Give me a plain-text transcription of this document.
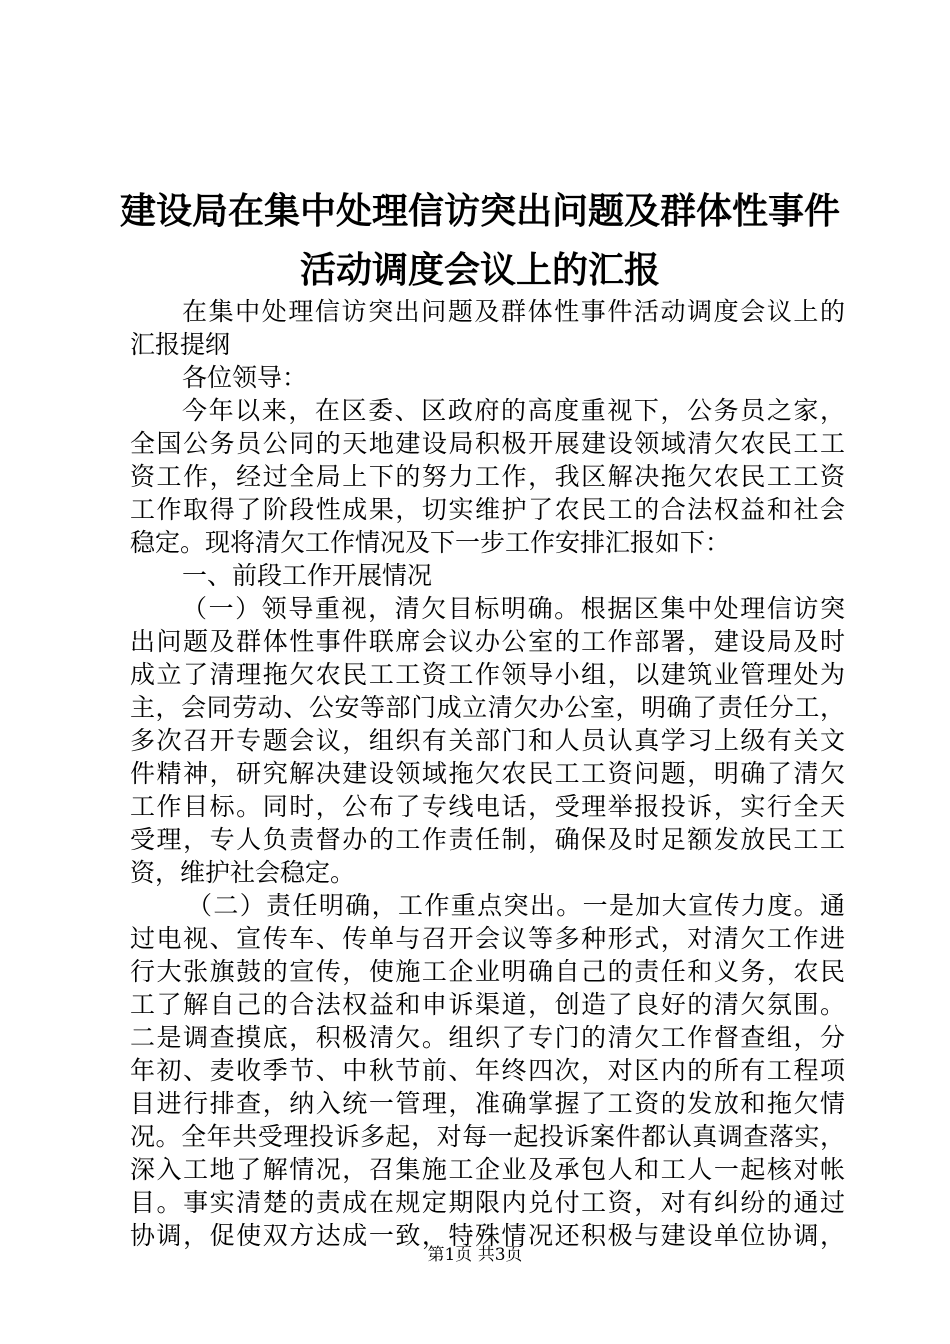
建设局在集中处理信访突出问题及群体性事件
活动调度会议上的汇报
在集中处理信访突出问题及群体性事件活动调度会议上的
汇报提纲
各位领导：
今年以来，在区委、区政府的高度重视下，公务员之家，
全国公务员公同的天地建设局积极开展建设领域清欠农民工工
资工作，经过全局上下的努力工作，我区解决拖欠农民工工资
工作取得了阶段性成果，切实维护了农民工的合法权益和社会
稳定。现将清欠工作情况及下一步工作安排汇报如下：
一、前段工作开展情况
（一）领导重视，清欠目标明确。根据区集中处理信访突
出问题及群体性事件联席会议办公室的工作部署，建设局及时
成立了清理拖欠农民工工资工作领导小组，以建筑业管理处为
主，会同劳动、公安等部门成立清欠办公室，明确了责任分工，
多次召开专题会议，组织有关部门和人员认真学习上级有关文
件精神，研究解决建设领域拖欠农民工工资问题，明确了清欠
工作目标。同时，公布了专线电话，受理举报投诉，实行全天
受理，专人负责督办的工作责任制，确保及时足额发放民工工
资，维护社会稳定。
（二）责任明确，工作重点突出。一是加大宣传力度。通
过电视、宣传车、传单与召开会议等多种形式，对清欠工作进
行大张旗鼓的宣传，使施工企业明确自己的责任和义务，农民
工了解自己的合法权益和申诉渠道，创造了良好的清欠氛围。
二是调查摸底，积极清欠。组织了专门的清欠工作督查组，分
年初、麦收季节、中秋节前、年终四次，对区内的所有工程项
目进行排查，纳入统一管理，准确掌握了工资的发放和拖欠情
况。全年共受理投诉多起，对每一起投诉案件都认真调查落实，
深入工地了解情况，召集施工企业及承包人和工人一起核对帐
目。事实清楚的责成在规定期限内兑付工资，对有纠纷的通过
协调，促使双方达成一致，特殊情况还积极与建设单位协调，
第1页 共3页
